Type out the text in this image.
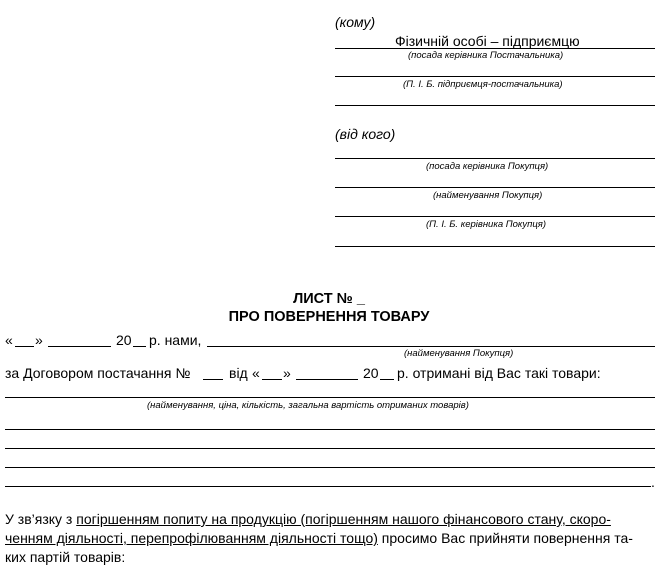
(кому)
Фізичній особі – підприємцю
(посада керівника Постачальника)
(П. І. Б. підприємця-постачальника)
(від кого)
(посада керівника Покупця)
(найменування Покупця)
(П. І. Б. керівника Покупця)
ЛИСТ № _
ПРО ПОВЕРНЕННЯ ТОВАРУ
« »	20 р. нами,
(найменування Покупця)
за Договором постачання №	від « »	20 р. отримані від Вас такі товари:
(найменування, ціна, кількість, загальна вартість отриманих товарів)
.
У зв’язку з погіршенням попиту на продукцію (погіршенням нашого фінансового стану, скоро-
ченням діяльності, перепрофілюванням діяльності тощо) просимо Вас прийняти повернення та-
ких партій товарів:
